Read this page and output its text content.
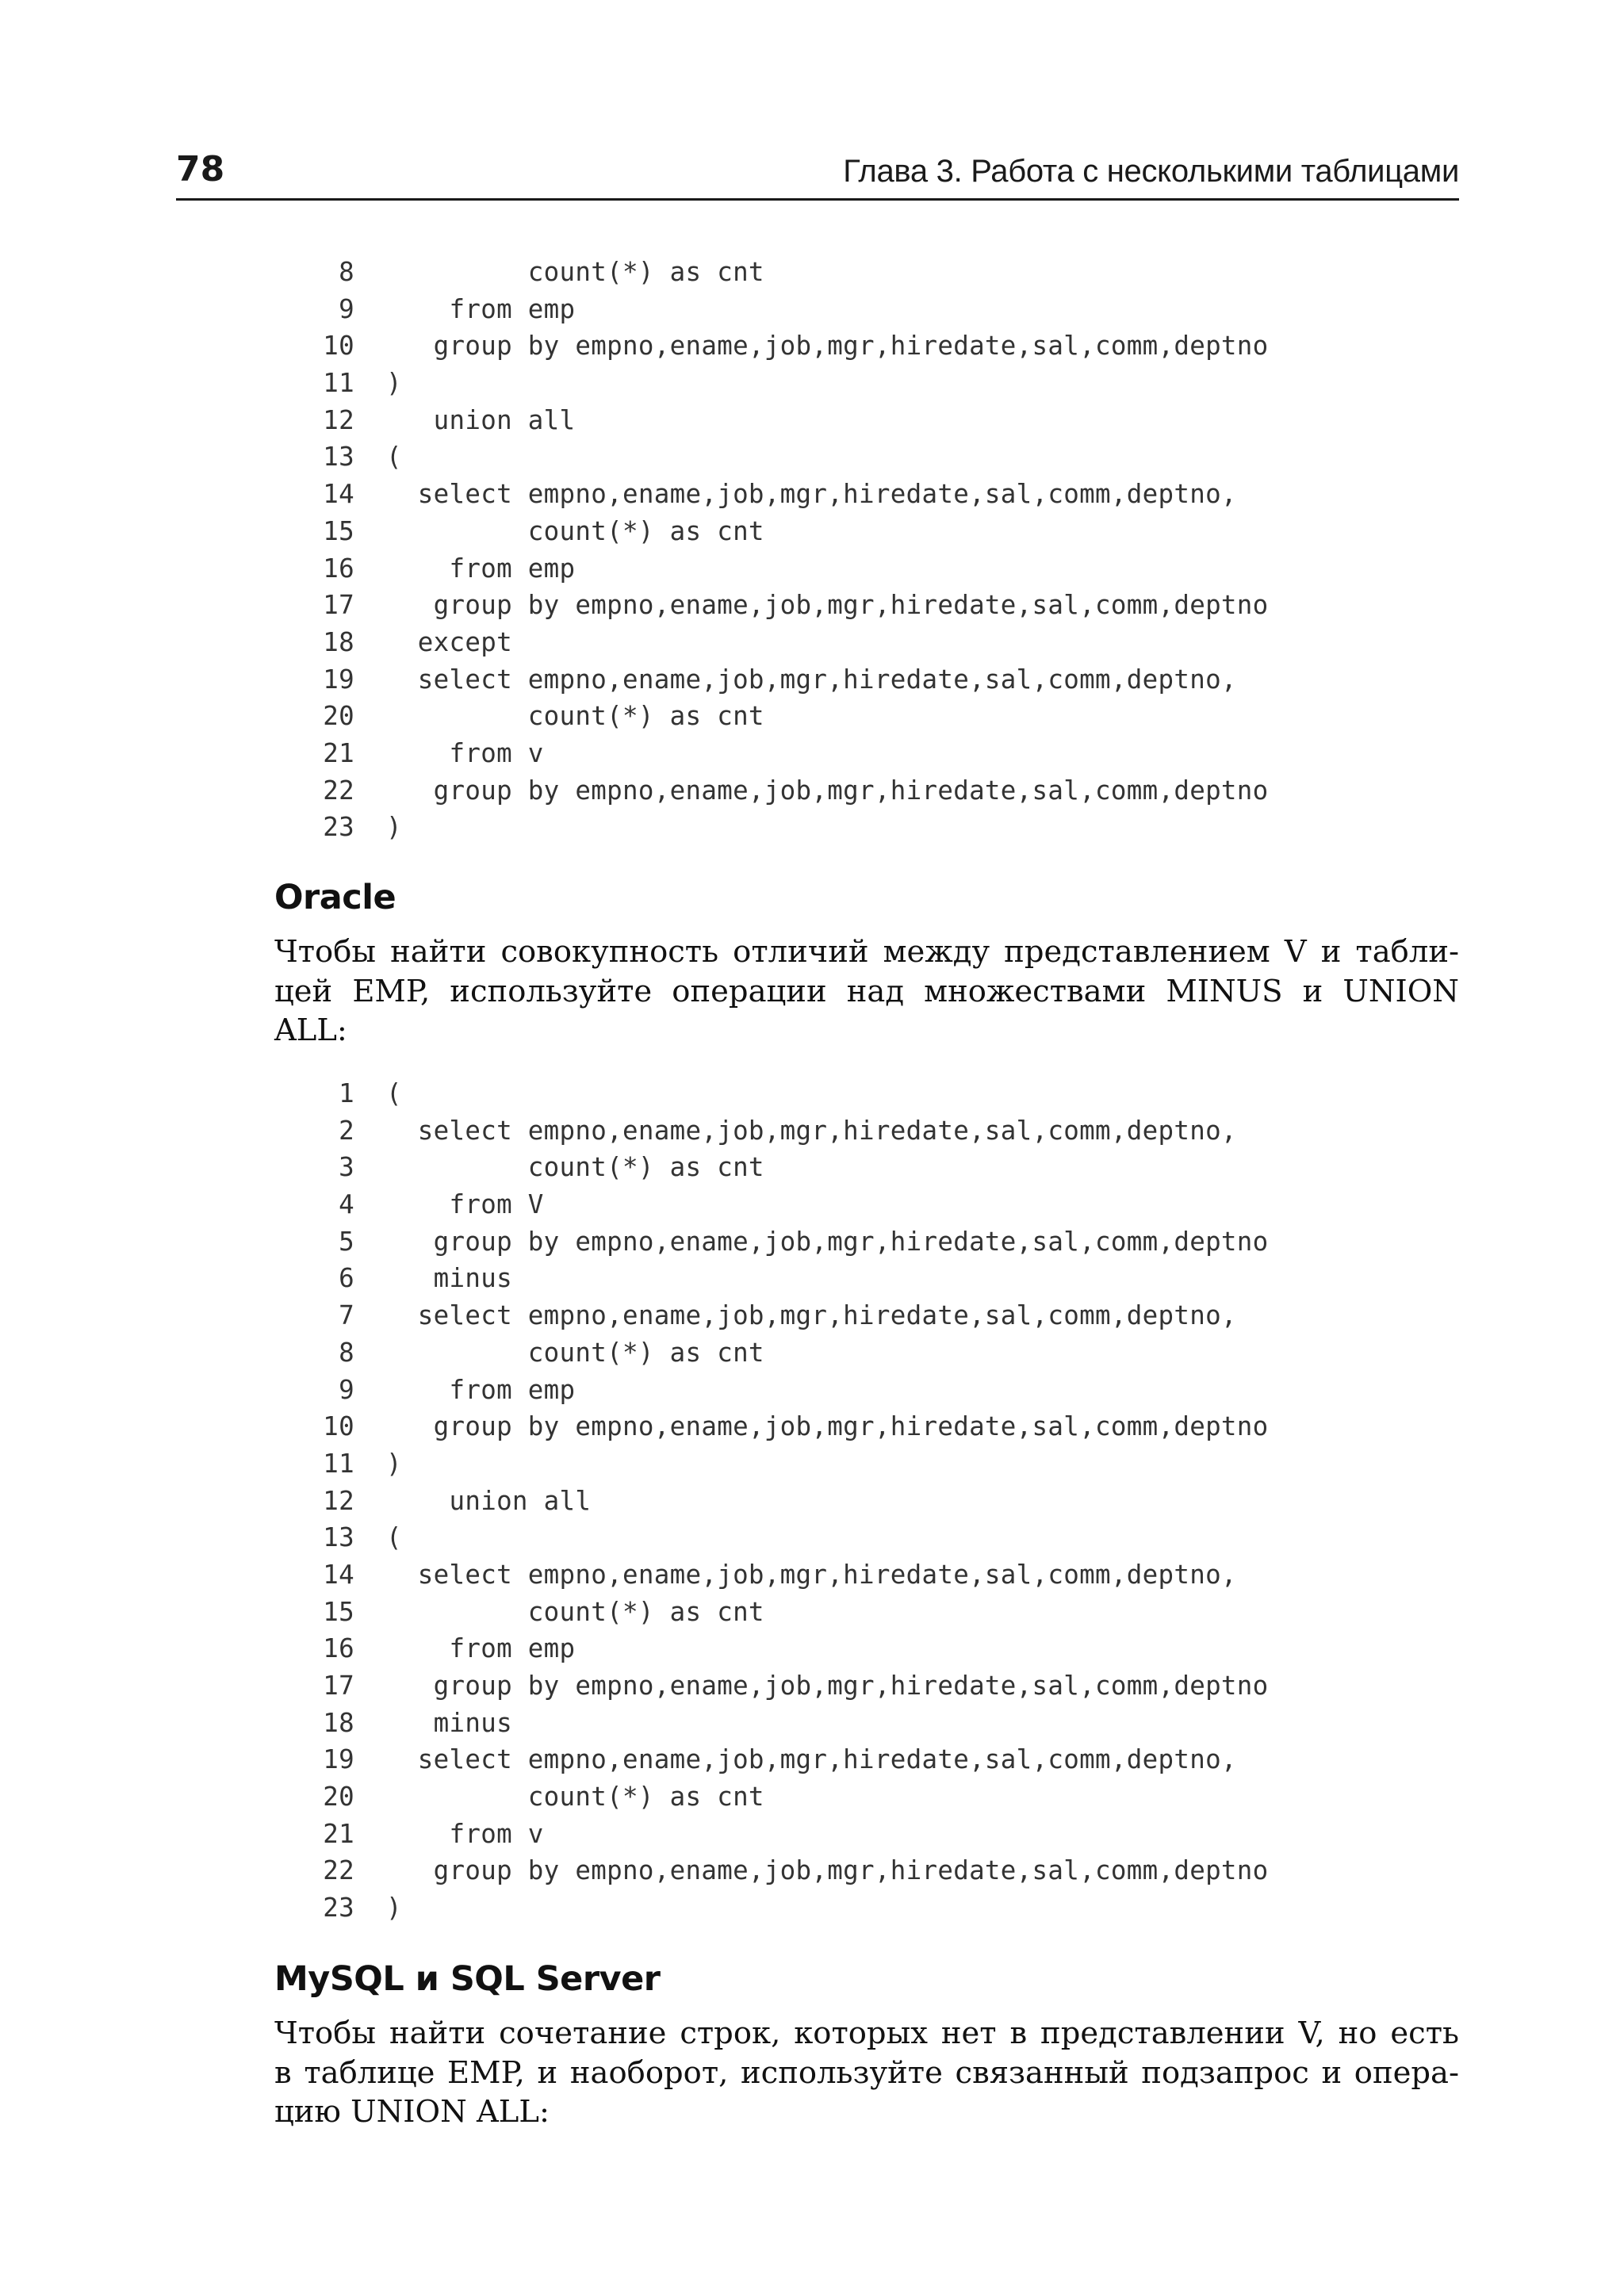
78	Глава 3. Работа с несколькими таблицами
8         count(*) as cnt
9    from emp
10   group by empno,ename,job,mgr,hiredate,sal,comm,deptno
11 )
12   union all
13 (
14  select empno,ename,job,mgr,hiredate,sal,comm,deptno,
15         count(*) as cnt
16    from emp
17   group by empno,ename,job,mgr,hiredate,sal,comm,deptno
18  except
19  select empno,ename,job,mgr,hiredate,sal,comm,deptno,
20         count(*) as cnt
21    from v
22   group by empno,ename,job,mgr,hiredate,sal,comm,deptno
23 )
Oracle
Чтобы найти совокупность отличий между представлением V и табли-
цей EMP, используйте операции над множествами MINUS и UNION
ALL:
1 (
2  select empno,ename,job,mgr,hiredate,sal,comm,deptno,
3         count(*) as cnt
4    from V
5   group by empno,ename,job,mgr,hiredate,sal,comm,deptno
6   minus
7  select empno,ename,job,mgr,hiredate,sal,comm,deptno,
8         count(*) as cnt
9    from emp
10   group by empno,ename,job,mgr,hiredate,sal,comm,deptno
11 )
12    union all
13 (
14  select empno,ename,job,mgr,hiredate,sal,comm,deptno,
15         count(*) as cnt
16    from emp
17   group by empno,ename,job,mgr,hiredate,sal,comm,deptno
18   minus
19  select empno,ename,job,mgr,hiredate,sal,comm,deptno,
20         count(*) as cnt
21    from v
22   group by empno,ename,job,mgr,hiredate,sal,comm,deptno
23 )
MySQL и SQL Server
Чтобы найти сочетание строк, которых нет в представлении V, но есть
в таблице EMP, и наоборот, используйте связанный подзапрос и опера-
цию UNION ALL:
